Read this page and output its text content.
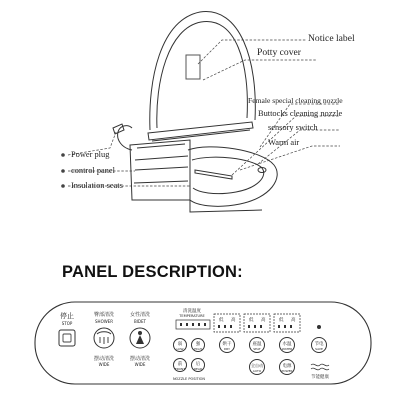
停止
STOP
臀部清洗
SHOWER
摆动清洗
WIDE
女性清洗
BIDET
摆动清洗
WIDE
清洗温度
TEMPERATURE
弱
LOW
强
HIGH
前
FRONT
后
REAR
NOZZLE POSITION
低 高	低 高	低 高
烘干
DRY
座温
SEAT
水温
WATER
全自动
AUTO
电源
POWER
节电
SAVE
节能健康
Notice label
Potty cover
Female special cleaning nozzle
Buttocks cleaning nozzle
sensory switch
Warm air
Power plug
control panel
Insulation seats
PANEL DESCRIPTION:
